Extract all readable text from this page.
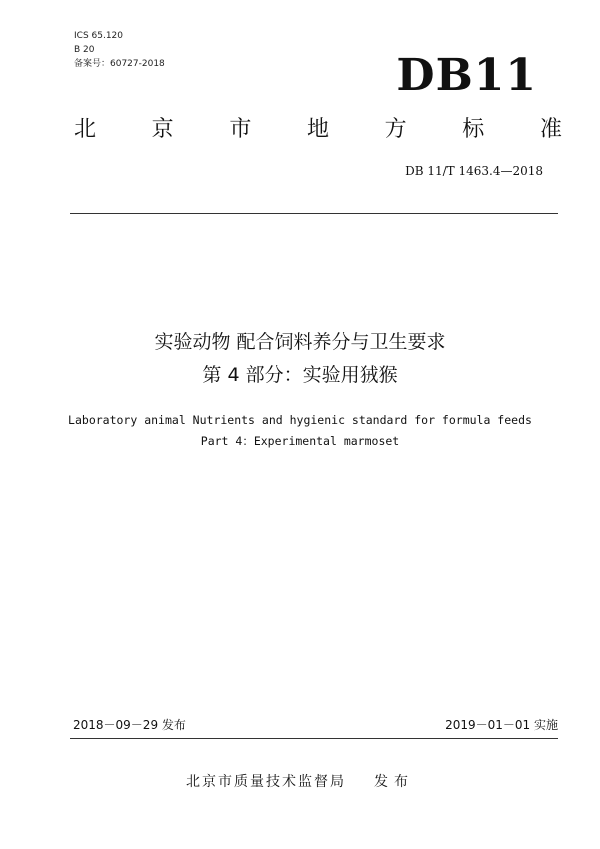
ICS 65.120
B 20
备案号：60727-2018	DB11
北	京	市	地	方	标	准
DB 11/T 1463.4—2018
实验动物 配合饲料养分与卫生要求
第 4 部分：实验用狨猴
Laboratory animal Nutrients and hygienic standard for formula feeds
Part 4：Experimental marmoset
2018－09－29 发布	2019－01－01 实施
北京市质量技术监督局 发布
